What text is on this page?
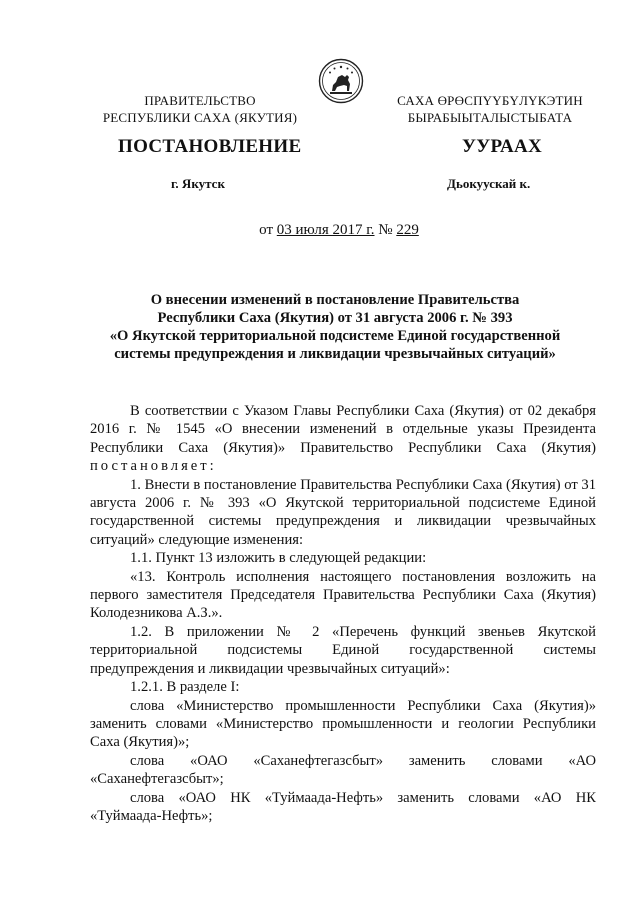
ПРАВИТЕЛЬСТВО
РЕСПУБЛИКИ САХА (ЯКУТИЯ)
САХА ӨРӨСПҮҮБҮЛҮКЭТИН
БЫРАБЫЫТАЛЫСТЫБАТА
ПОСТАНОВЛЕНИЕ	УУРААХ
г. Якутск	Дьокуускай к.
от 03 июля 2017 г. № 229
О внесении изменений в постановление Правительства
Республики Саха (Якутия) от 31 августа 2006 г. № 393
«О Якутской территориальной подсистеме Единой государственной
системы предупреждения и ликвидации чрезвычайных ситуаций»

В соответствии с Указом Главы Республики Саха (Якутия) от 02 декабря 2016 г. № 1545 «О внесении изменений в отдельные указы Президента Республики Саха (Якутия)» Правительство Республики Саха (Якутия) постановляет:

1. Внести в постановление Правительства Республики Саха (Якутия) от 31 августа 2006 г. № 393 «О Якутской территориальной подсистеме Единой государственной системы предупреждения и ликвидации чрезвычайных ситуаций» следующие изменения:

1.1. Пункт 13 изложить в следующей редакции:

«13. Контроль исполнения настоящего постановления возложить на первого заместителя Председателя Правительства Республики Саха (Якутия) Колодезникова А.З.».

1.2. В приложении № 2 «Перечень функций звеньев Якутской территориальной подсистемы Единой государственной системы предупреждения и ликвидации чрезвычайных ситуаций»:

1.2.1. В разделе I:

слова «Министерство промышленности Республики Саха (Якутия)» заменить словами «Министерство промышленности и геологии Республики Саха (Якутия)»;

слова «ОАО «Саханефтегазсбыт» заменить словами «АО «Саханефтегазсбыт»;

слова «ОАО НК «Туймаада-Нефть» заменить словами «АО НК «Туймаада-Нефть»;
